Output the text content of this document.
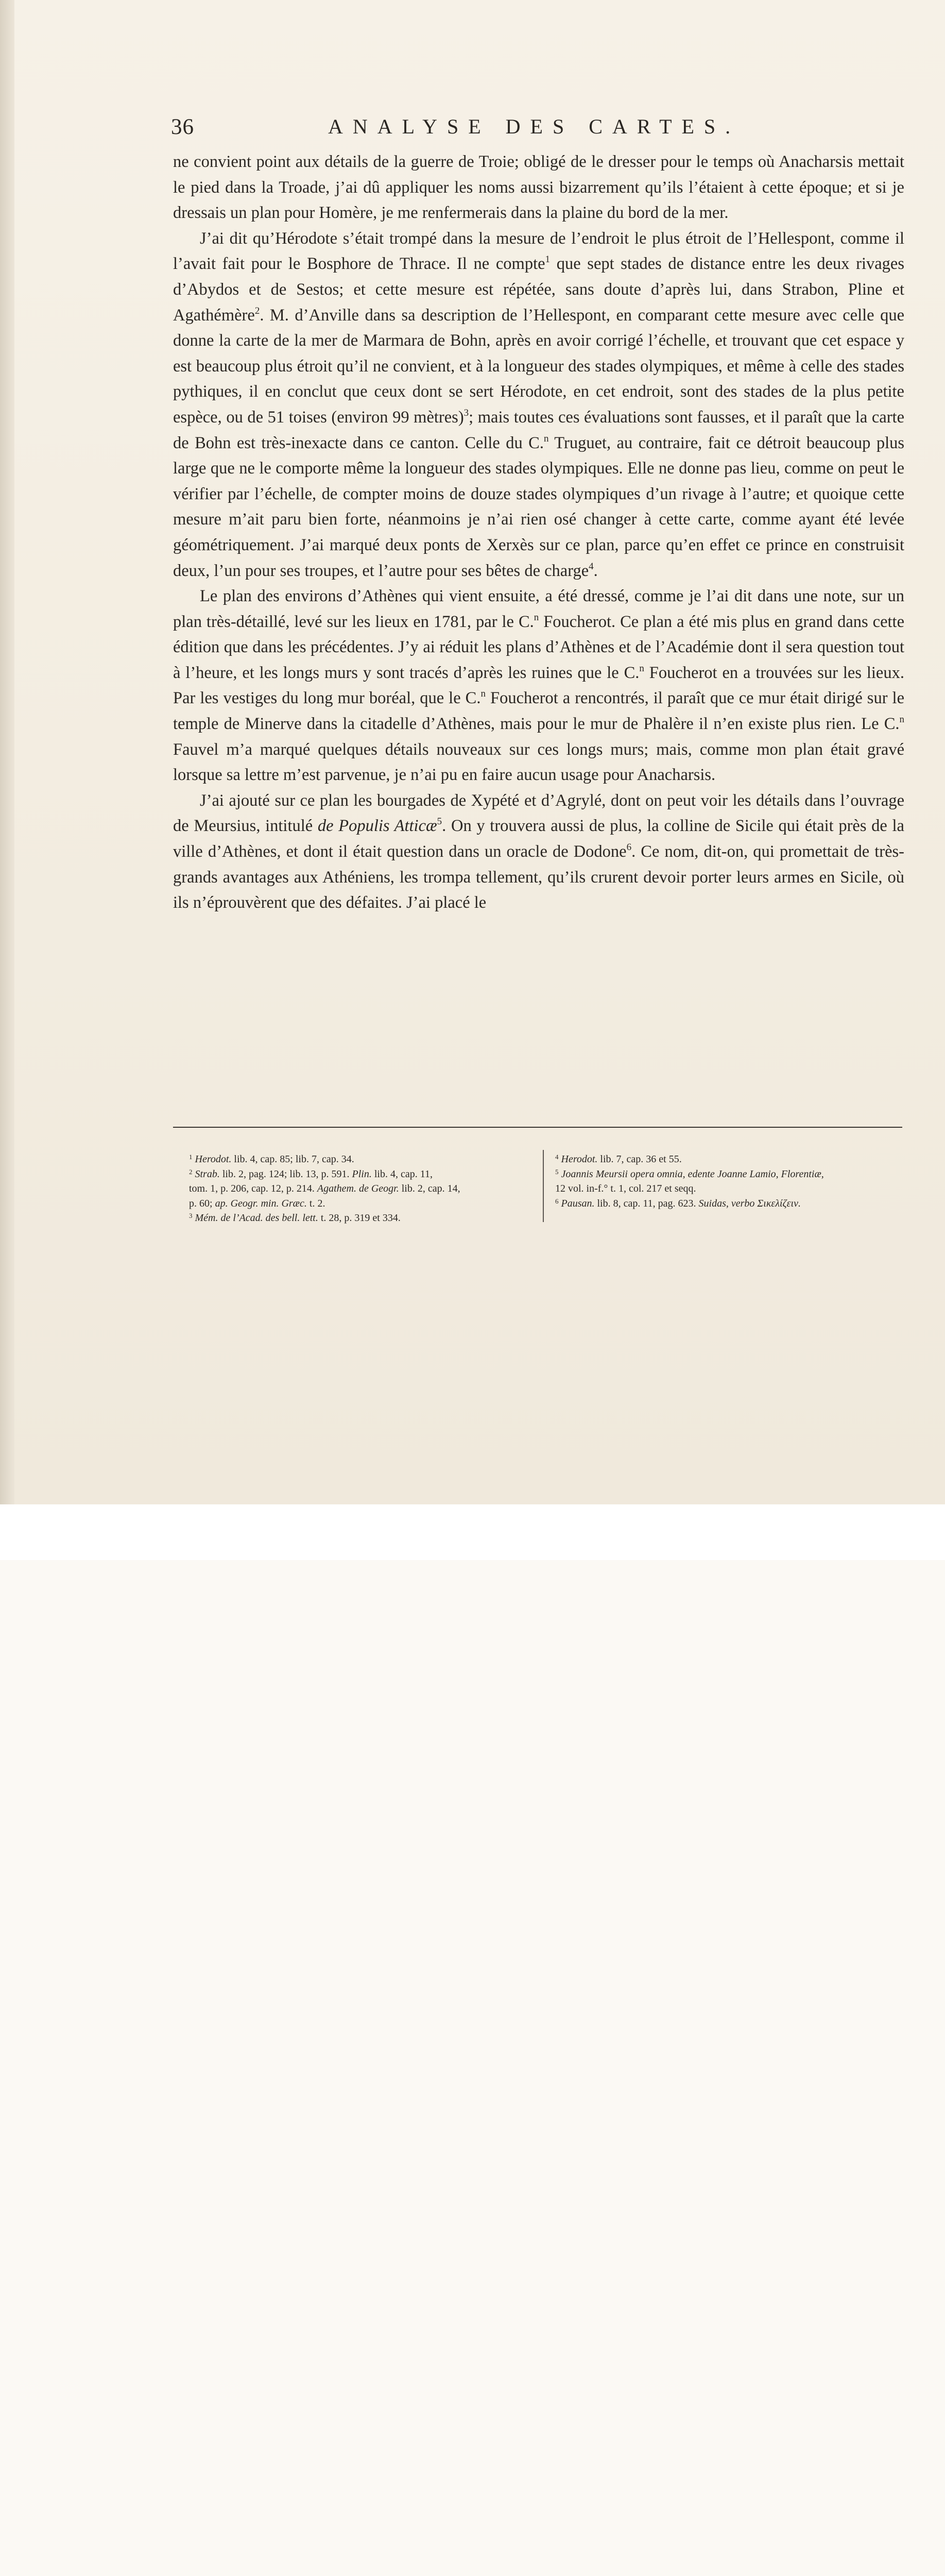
36	ANALYSE DES CARTES.

ne convient point aux détails de la guerre de Troie; obligé de le dresser pour le temps où Anacharsis mettait le pied dans la Troade, j’ai dû appliquer les noms aussi bizarrement qu’ils l’étaient à cette époque; et si je dressais un plan pour Homère, je me renfermerais dans la plaine du bord de la mer.

J’ai dit qu’Hérodote s’était trompé dans la mesure de l’endroit le plus étroit de l’Hellespont, comme il l’avait fait pour le Bosphore de Thrace. Il ne compte$^1$ que sept stades de distance entre les deux rivages d’Abydos et de Sestos; et cette mesure est répétée, sans doute d’après lui, dans Strabon, Pline et Agathémère$^2$. M. d’Anville dans sa description de l’Hellespont, en comparant cette mesure avec celle que donne la carte de la mer de Marmara de Bohn, après en avoir corrigé l’échelle, et trouvant que cet espace y est beaucoup plus étroit qu’il ne convient, et à la longueur des stades olympiques, et même à celle des stades pythiques, il en conclut que ceux dont se sert Hérodote, en cet endroit, sont des stades de la plus petite espèce, ou de 51 toises (environ 99 mètres)$^3$; mais toutes ces évaluations sont fausses, et il paraît que la carte de Bohn est très-inexacte dans ce canton. Celle du C.$^n$ Truguet, au contraire, fait ce détroit beaucoup plus large que ne le comporte même la longueur des stades olympiques. Elle ne donne pas lieu, comme on peut le vérifier par l’échelle, de compter moins de douze stades olympiques d’un rivage à l’autre; et quoique cette mesure m’ait paru bien forte, néanmoins je n’ai rien osé changer à cette carte, comme ayant été levée géométriquement. J’ai marqué deux ponts de Xerxès sur ce plan, parce qu’en effet ce prince en construisit deux, l’un pour ses troupes, et l’autre pour ses bêtes de charge$^4$.

Le plan des environs d’Athènes qui vient ensuite, a été dressé, comme je l’ai dit dans une note, sur un plan très-détaillé, levé sur les lieux en 1781, par le C.$^n$ Foucherot. Ce plan a été mis plus en grand dans cette édition que dans les précédentes. J’y ai réduit les plans d’Athènes et de l’Académie dont il sera question tout à l’heure, et les longs murs y sont tracés d’après les ruines que le C.$^n$ Foucherot en a trouvées sur les lieux. Par les vestiges du long mur boréal, que le C.$^n$ Foucherot a rencontrés, il paraît que ce mur était dirigé sur le temple de Minerve dans la citadelle d’Athènes, mais pour le mur de Phalère il n’en existe plus rien. Le C.$^n$ Fauvel m’a marqué quelques détails nouveaux sur ces longs murs; mais, comme mon plan était gravé lorsque sa lettre m’est parvenue, je n’ai pu en faire aucun usage pour Anacharsis.

J’ai ajouté sur ce plan les bourgades de Xypété et d’Agrylé, dont on peut voir les détails dans l’ouvrage de Meursius, intitulé de Populis Atticæ$^5$. On y trouvera aussi de plus, la colline de Sicile qui était près de la ville d’Athènes, et dont il était question dans un oracle de Dodone$^6$. Ce nom, dit-on, qui promettait de très-grands avantages aux Athéniens, les trompa tellement, qu’ils crurent devoir porter leurs armes en Sicile, où ils n’éprouvèrent que des défaites. J’ai placé le

$^1$ Herodot. lib. 4, cap. 85; lib. 7, cap. 34.
$^2$ Strab. lib. 2, pag. 124; lib. 13, p. 591. Plin. lib. 4, cap. 11,
tom. 1, p. 206, cap. 12, p. 214. Agathem. de Geogr. lib. 2, cap. 14,
p. 60; ap. Geogr. min. Græc. t. 2.
$^3$ Mém. de l’Acad. des bell. lett. t. 28, p. 319 et 334.
$^4$ Herodot. lib. 7, cap. 36 et 55.
$^5$ Joannis Meursii opera omnia, edente Joanne Lamio, Florentiæ,
12 vol. in-f.° t. 1, col. 217 et seqq.
$^6$ Pausan. lib. 8, cap. 11, pag. 623. Suidas, verbo Σικελίζειν.
